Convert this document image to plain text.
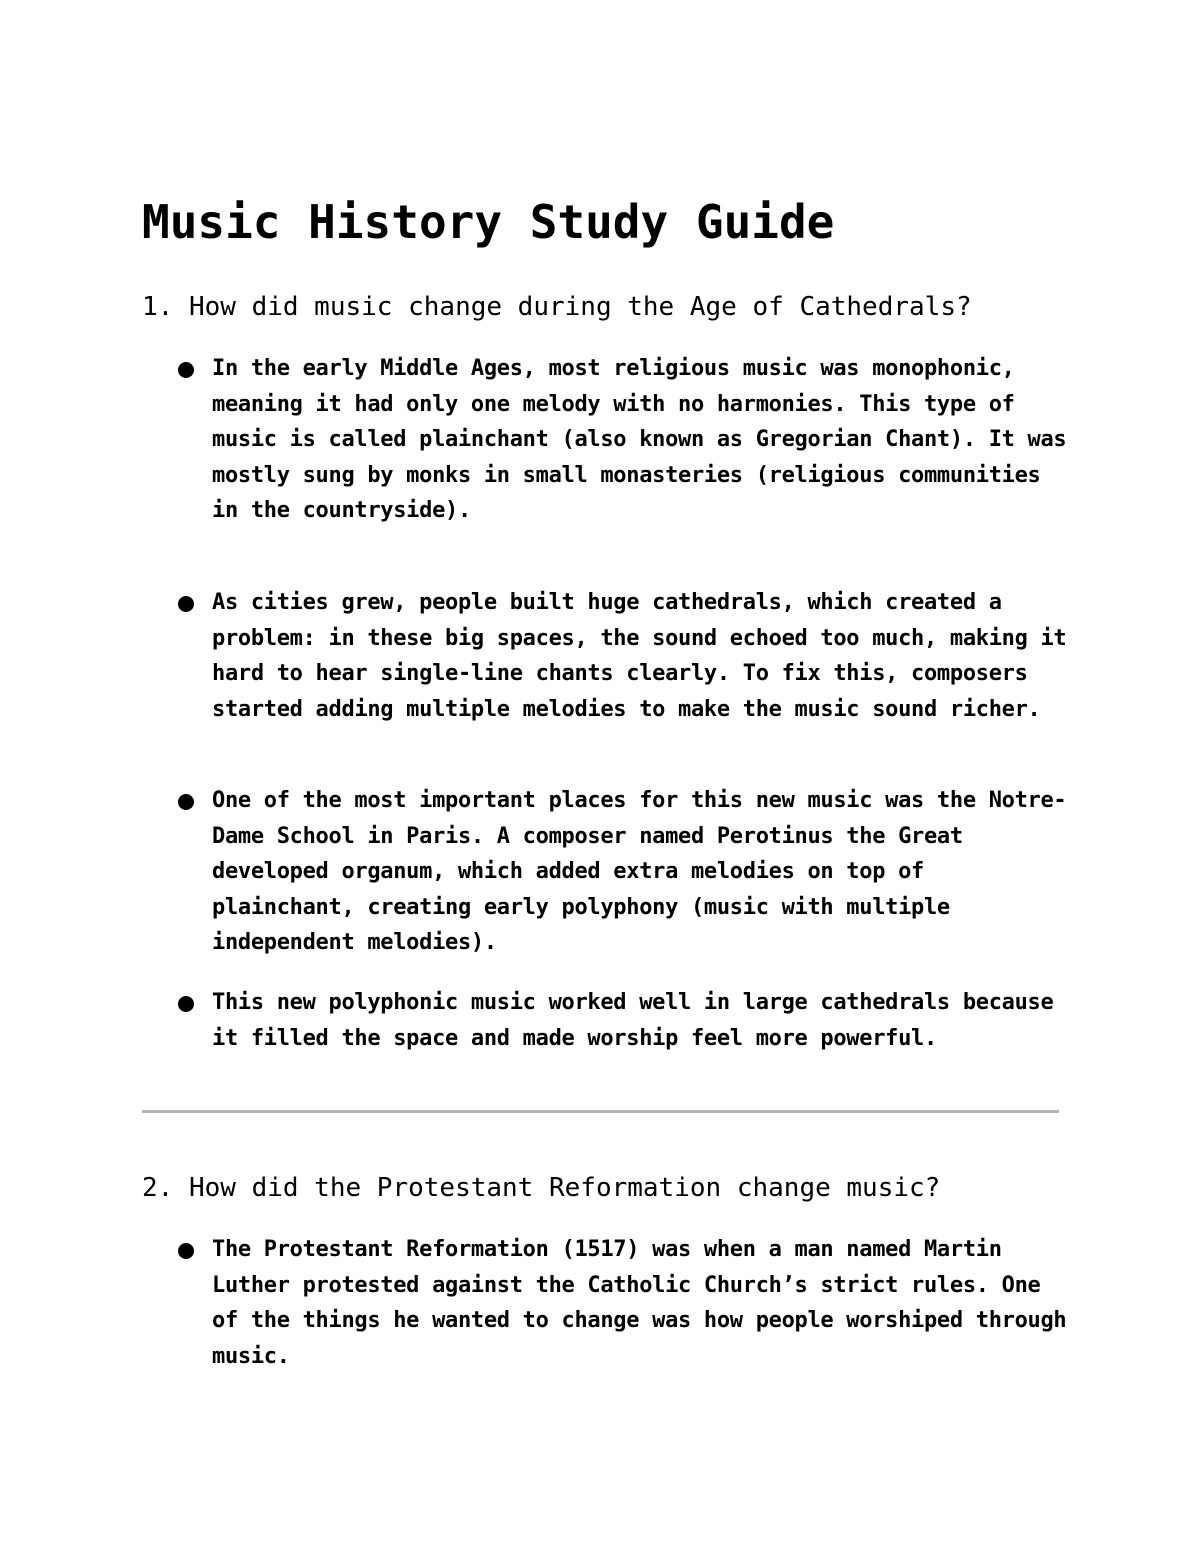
Music History Study Guide
1. How did music change during the Age of Cathedrals?
In the early Middle Ages, most religious music was monophonic, meaning it had only one melody with no harmonies. This type of music is called plainchant (also known as Gregorian Chant). It was mostly sung by monks in small monasteries (religious communities in the countryside).
As cities grew, people built huge cathedrals, which created a problem: in these big spaces, the sound echoed too much, making it hard to hear single-line chants clearly. To fix this, composers started adding multiple melodies to make the music sound richer.
One of the most important places for this new music was the Notre-Dame School in Paris. A composer named Perotinus the Great developed organum, which added extra melodies on top of plainchant, creating early polyphony (music with multiple independent melodies).
This new polyphonic music worked well in large cathedrals because it filled the space and made worship feel more powerful.
2. How did the Protestant Reformation change music?
The Protestant Reformation (1517) was when a man named Martin Luther protested against the Catholic Church’s strict rules. One of the things he wanted to change was how people worshiped through music.
